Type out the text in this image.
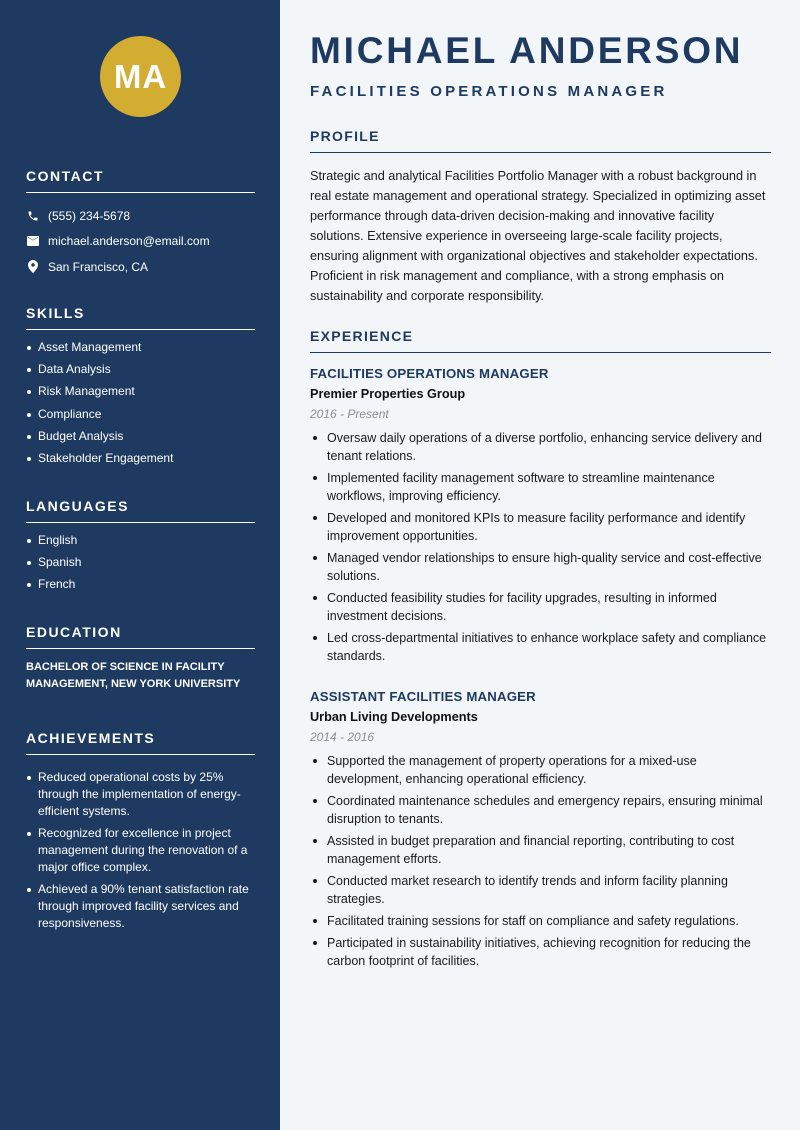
MA
CONTACT
(555) 234-5678
michael.anderson@email.com
San Francisco, CA
SKILLS
Asset Management
Data Analysis
Risk Management
Compliance
Budget Analysis
Stakeholder Engagement
LANGUAGES
English
Spanish
French
EDUCATION

BACHELOR OF SCIENCE IN FACILITY MANAGEMENT, NEW YORK UNIVERSITY

ACHIEVEMENTS
Reduced operational costs by 25% through the implementation of energy-efficient systems.
Recognized for excellence in project management during the renovation of a major office complex.
Achieved a 90% tenant satisfaction rate through improved facility services and responsiveness.
MICHAEL ANDERSON
FACILITIES OPERATIONS MANAGER
PROFILE

Strategic and analytical Facilities Portfolio Manager with a robust background in real estate management and operational strategy. Specialized in optimizing asset performance through data-driven decision-making and innovative facility solutions. Extensive experience in overseeing large-scale facility projects, ensuring alignment with organizational objectives and stakeholder expectations. Proficient in risk management and compliance, with a strong emphasis on sustainability and corporate responsibility.

EXPERIENCE
FACILITIES OPERATIONS MANAGER
Premier Properties Group
2016 - Present
Oversaw daily operations of a diverse portfolio, enhancing service delivery and tenant relations.
Implemented facility management software to streamline maintenance workflows, improving efficiency.
Developed and monitored KPIs to measure facility performance and identify improvement opportunities.
Managed vendor relationships to ensure high-quality service and cost-effective solutions.
Conducted feasibility studies for facility upgrades, resulting in informed investment decisions.
Led cross-departmental initiatives to enhance workplace safety and compliance standards.
ASSISTANT FACILITIES MANAGER
Urban Living Developments
2014 - 2016
Supported the management of property operations for a mixed-use development, enhancing operational efficiency.
Coordinated maintenance schedules and emergency repairs, ensuring minimal disruption to tenants.
Assisted in budget preparation and financial reporting, contributing to cost management efforts.
Conducted market research to identify trends and inform facility planning strategies.
Facilitated training sessions for staff on compliance and safety regulations.
Participated in sustainability initiatives, achieving recognition for reducing the carbon footprint of facilities.
